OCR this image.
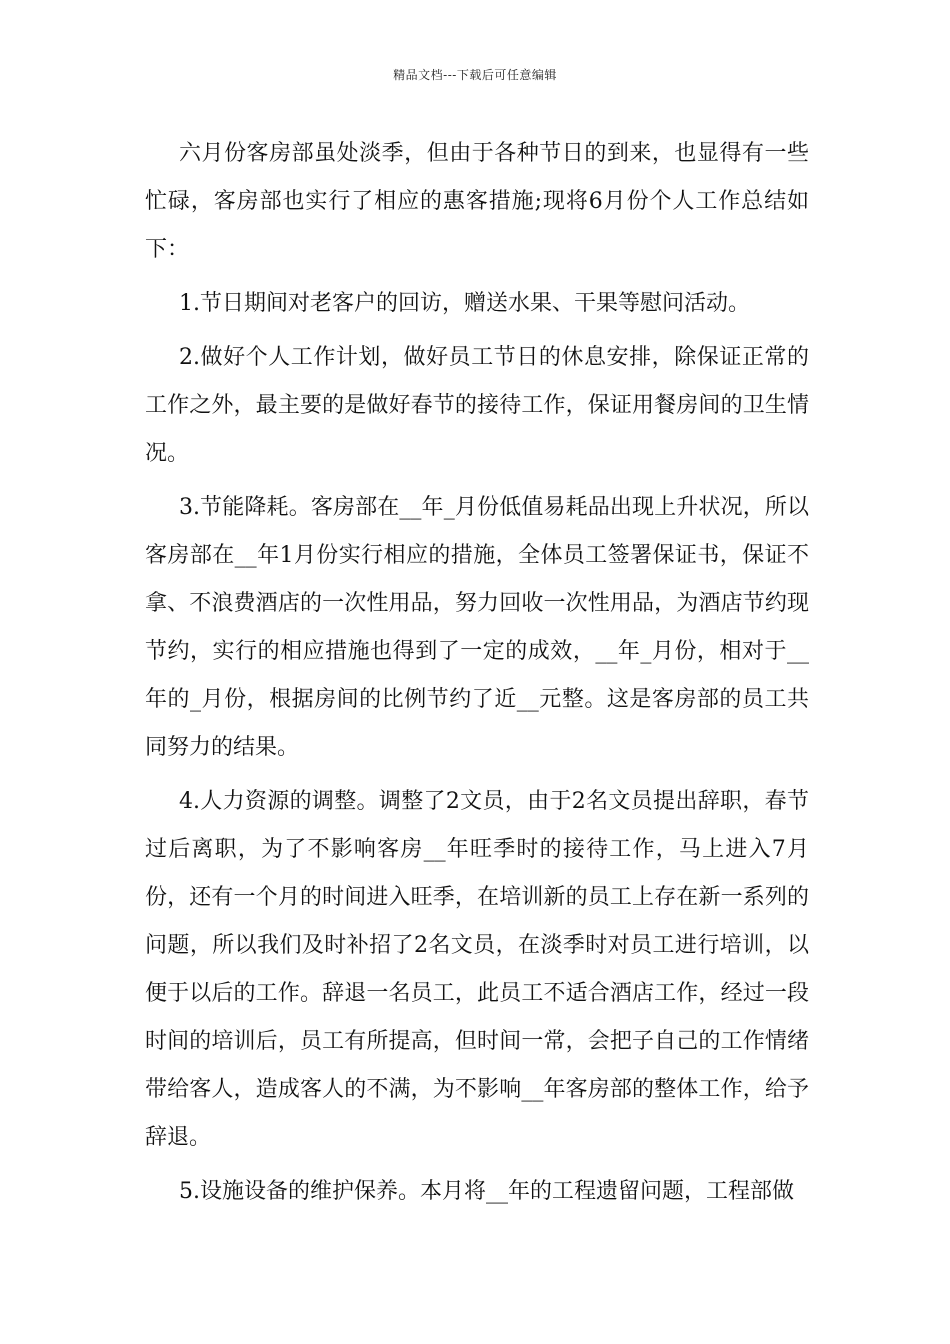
精品文档---下载后可任意编辑

六月份客房部虽处淡季，但由于各种节日的到来，也显得有一些忙碌，客房部也实行了相应的惠客措施;现将6月份个人工作总结如下：

1.节日期间对老客户的回访，赠送水果、干果等慰问活动。

2.做好个人工作计划，做好员工节日的休息安排，除保证正常的工作之外，最主要的是做好春节的接待工作，保证用餐房间的卫生情况。

3.节能降耗。客房部在__年_月份低值易耗品出现上升状况，所以客房部在__年1月份实行相应的措施，全体员工签署保证书，保证不拿、不浪费酒店的一次性用品，努力回收一次性用品，为酒店节约现节约，实行的相应措施也得到了一定的成效，__年_月份，相对于__年的_月份，根据房间的比例节约了近__元整。这是客房部的员工共同努力的结果。

4.人力资源的调整。调整了2文员，由于2名文员提出辞职，春节过后离职，为了不影响客房__年旺季时的接待工作，马上进入7月份，还有一个月的时间进入旺季，在培训新的员工上存在新一系列的问题，所以我们及时补招了2名文员，在淡季时对员工进行培训，以便于以后的工作。辞退一名员工，此员工不适合酒店工作，经过一段时间的培训后，员工有所提高，但时间一常，会把子自己的工作情绪带给客人，造成客人的不满，为不影响__年客房部的整体工作，给予辞退。

5.设施设备的维护保养。本月将__年的工程遗留问题，工程部做
